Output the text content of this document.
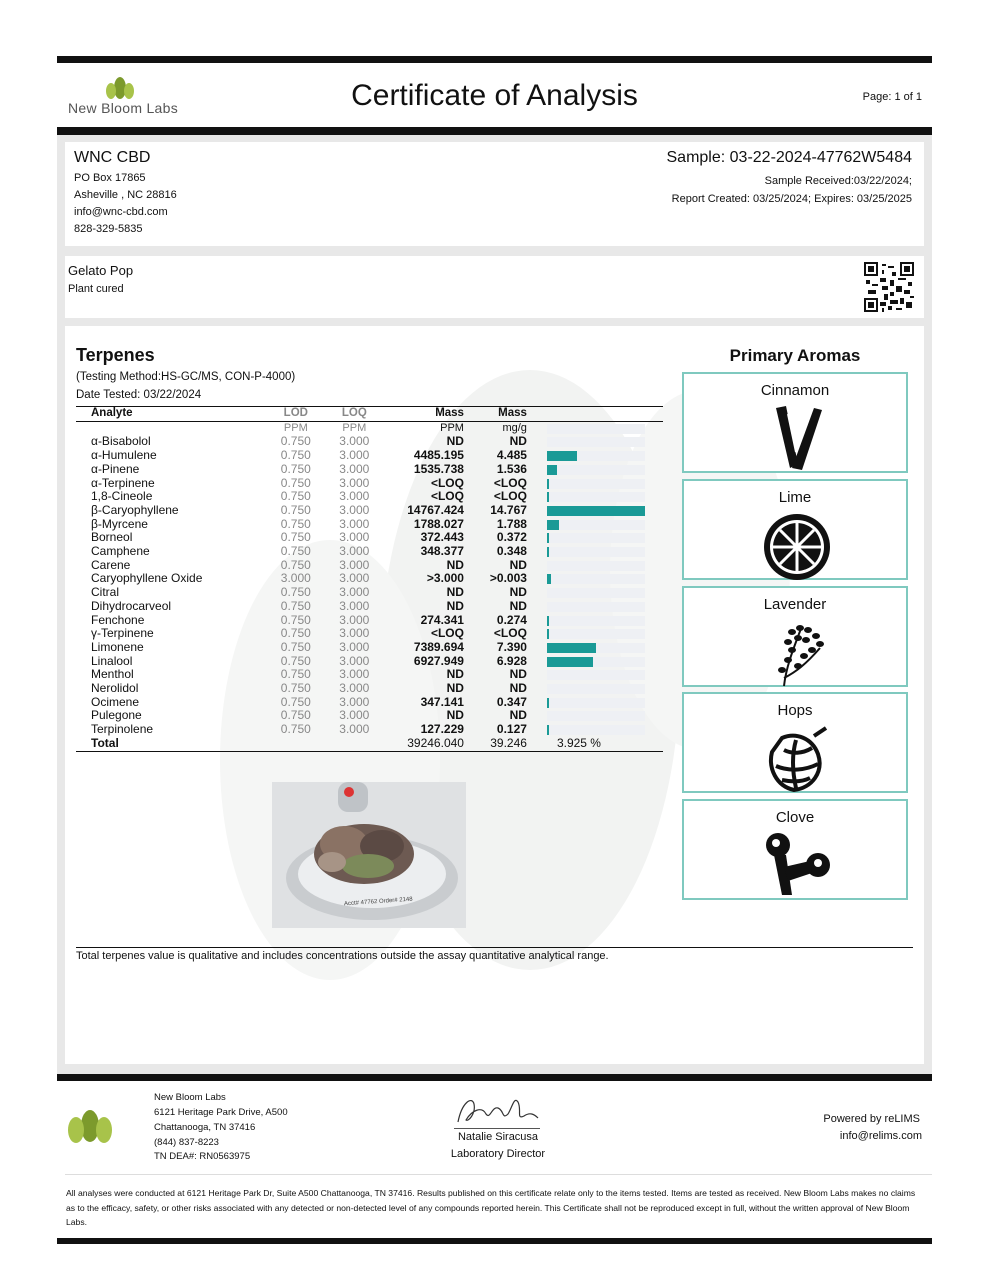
New Bloom Labs	Certificate of Analysis	Page: 1 of 1
WNC CBD
PO Box 17865
Asheville , NC 28816
info@wnc-cbd.com
828-329-5835
Sample: 03-22-2024-47762W5484
Sample Received:03/22/2024;
Report Created: 03/25/2024; Expires: 03/25/2025
Gelato Pop
Plant cured
Terpenes
(Testing Method:HS-GC/MS, CON-P-4000)
Date Tested: 03/22/2024
Analyte	LOD	LOQ	Mass	Mass	
	PPM	PPM	PPM	mg/g	

α-Bisabolol	0.750	3.000	ND	ND	

α-Humulene	0.750	3.000	4485.195	4.485	

α-Pinene	0.750	3.000	1535.738	1.536	

α-Terpinene	0.750	3.000	<LOQ	<LOQ	

1,8-Cineole	0.750	3.000	<LOQ	<LOQ	

β-Caryophyllene	0.750	3.000	14767.424	14.767	

β-Myrcene	0.750	3.000	1788.027	1.788	

Borneol	0.750	3.000	372.443	0.372	

Camphene	0.750	3.000	348.377	0.348	

Carene	0.750	3.000	ND	ND	

Caryophyllene Oxide	3.000	3.000	>3.000	>0.003	

Citral	0.750	3.000	ND	ND	

Dihydrocarveol	0.750	3.000	ND	ND	

Fenchone	0.750	3.000	274.341	0.274	

γ-Terpinene	0.750	3.000	<LOQ	<LOQ	

Limonene	0.750	3.000	7389.694	7.390	

Linalool	0.750	3.000	6927.949	6.928	

Menthol	0.750	3.000	ND	ND	

Nerolidol	0.750	3.000	ND	ND	

Ocimene	0.750	3.000	347.141	0.347	

Pulegone	0.750	3.000	ND	ND	

Terpinolene	0.750	3.000	127.229	0.127	

Total			39246.040	39.246	3.925 %
Acct# 47762 Order# 2148
Primary Aromas
Cinnamon
Lime
Lavender
Hops
Clove
Total terpenes value is qualitative and includes concentrations outside the assay quantitative analytical range.
New Bloom Labs
6121 Heritage Park Drive, A500
Chattanooga, TN 37416
(844) 837-8223
TN DEA#: RN0563975
Natalie Siracusa
Laboratory Director
Powered by reLIMS
info@relims.com
All analyses were conducted at 6121 Heritage Park Dr, Suite A500 Chattanooga, TN 37416. Results published on this certificate relate only to the items tested. Items are tested as received. New Bloom Labs makes no claims as to the efficacy, safety, or other risks associated with any detected or non-detected level of any compounds reported herein. This Certificate shall not be reproduced except in full, without the written approval of New Bloom Labs.
